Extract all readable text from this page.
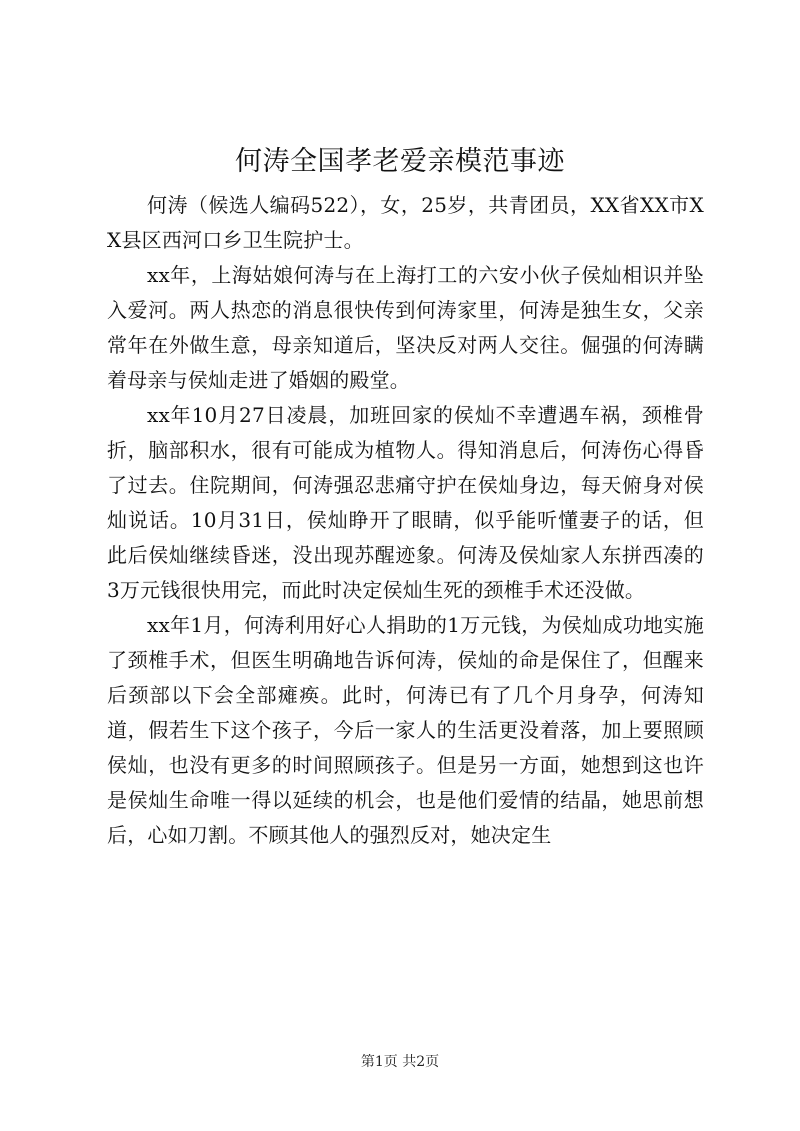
何涛全国孝老爱亲模范事迹

何涛（候选人编码522），女，25岁，共青团员，XX省XX市XX县区西河口乡卫生院护士。

xx年，上海姑娘何涛与在上海打工的六安小伙子侯灿相识并坠入爱河。两人热恋的消息很快传到何涛家里，何涛是独生女，父亲常年在外做生意，母亲知道后，坚决反对两人交往。倔强的何涛瞒着母亲与侯灿走进了婚姻的殿堂。

xx年10月27日凌晨，加班回家的侯灿不幸遭遇车祸，颈椎骨折，脑部积水，很有可能成为植物人。得知消息后，何涛伤心得昏了过去。住院期间，何涛强忍悲痛守护在侯灿身边，每天俯身对侯灿说话。10月31日，侯灿睁开了眼睛，似乎能听懂妻子的话，但此后侯灿继续昏迷，没出现苏醒迹象。何涛及侯灿家人东拼西凑的3万元钱很快用完，而此时决定侯灿生死的颈椎手术还没做。

xx年1月，何涛利用好心人捐助的1万元钱，为侯灿成功地实施了颈椎手术，但医生明确地告诉何涛，侯灿的命是保住了，但醒来后颈部以下会全部瘫痪。此时，何涛已有了几个月身孕，何涛知道，假若生下这个孩子，今后一家人的生活更没着落，加上要照顾侯灿，也没有更多的时间照顾孩子。但是另一方面，她想到这也许是侯灿生命唯一得以延续的机会，也是他们爱情的结晶，她思前想后，心如刀割。不顾其他人的强烈反对，她决定生

第1页 共2页
